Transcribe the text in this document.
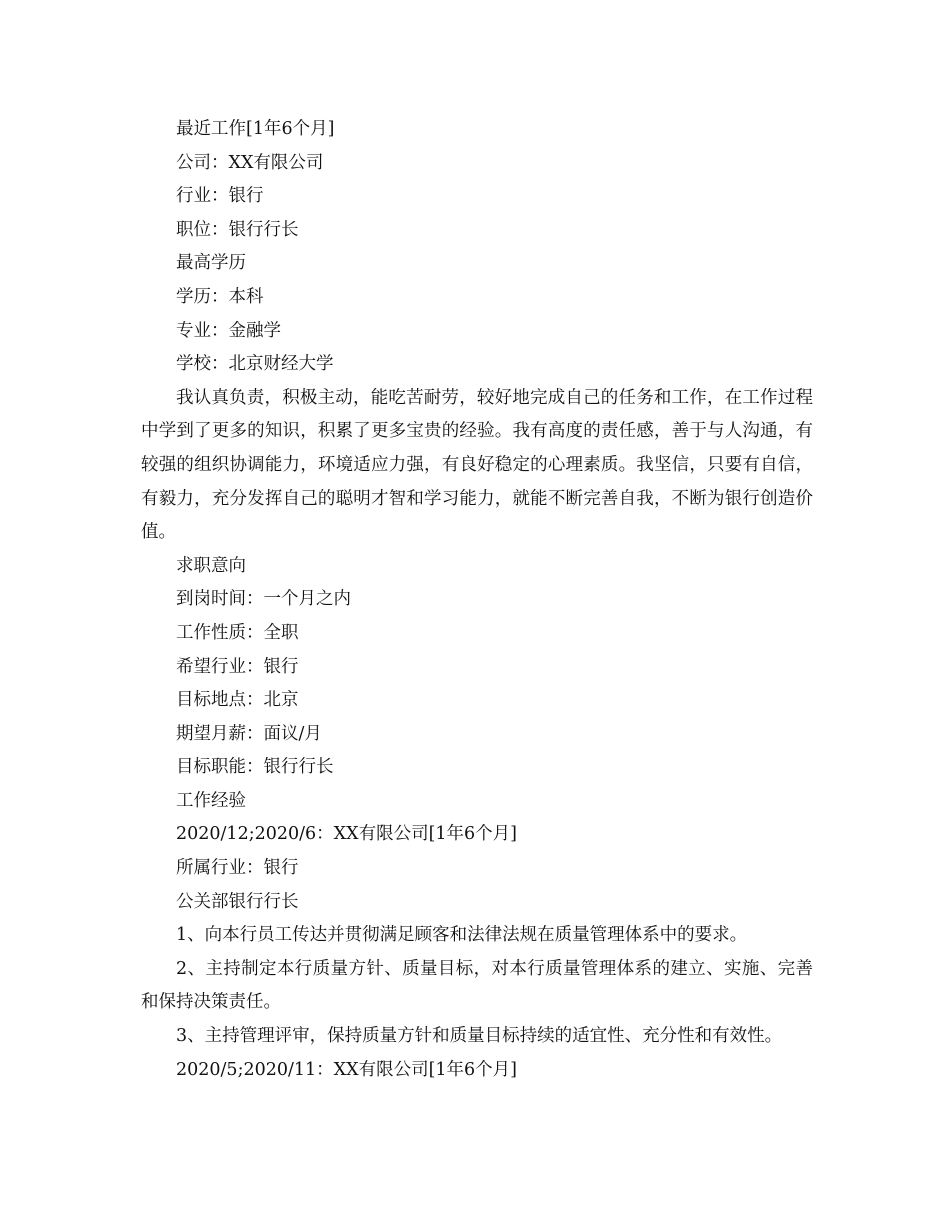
最近工作[1年6个月]
公司：XX有限公司
行业：银行
职位：银行行长
最高学历
学历：本科
专业：金融学
学校：北京财经大学
我认真负责，积极主动，能吃苦耐劳，较好地完成自己的任务和工作，在工作过程中学到了更多的知识，积累了更多宝贵的经验。我有高度的责任感，善于与人沟通，有较强的组织协调能力，环境适应力强，有良好稳定的心理素质。我坚信，只要有自信，有毅力，充分发挥自己的聪明才智和学习能力，就能不断完善自我，不断为银行创造价值。
求职意向
到岗时间：一个月之内
工作性质：全职
希望行业：银行
目标地点：北京
期望月薪：面议/月
目标职能：银行行长
工作经验
2020/12;2020/6：XX有限公司[1年6个月]
所属行业：银行
公关部银行行长
1、向本行员工传达并贯彻满足顾客和法律法规在质量管理体系中的要求。
2、主持制定本行质量方针、质量目标，对本行质量管理体系的建立、实施、完善和保持决策责任。
3、主持管理评审，保持质量方针和质量目标持续的适宜性、充分性和有效性。
2020/5;2020/11：XX有限公司[1年6个月]
